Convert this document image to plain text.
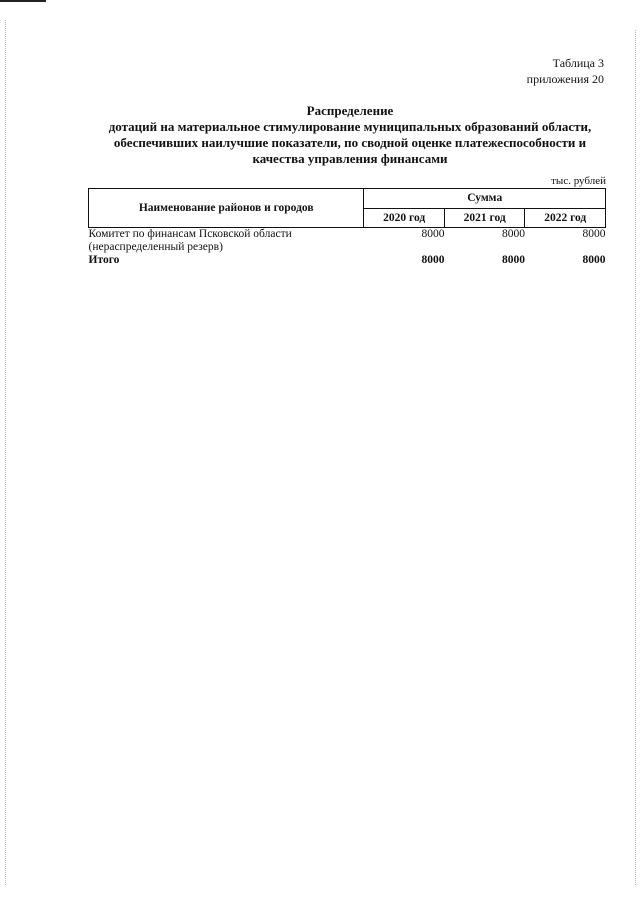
Таблица 3
приложения 20
Распределение
дотаций на материальное стимулирование муниципальных образований области,
обеспечивших наилучшие показатели, по сводной оценке платежеспособности и
качества управления финансами
тыс. рублей
Наименование районов и городов	Сумма		
	2020 год	2021 год	2022 год

Комитет по финансам Псковской области
(нераспределенный резерв)	8000	8000	8000
Итого	8000	8000	8000
